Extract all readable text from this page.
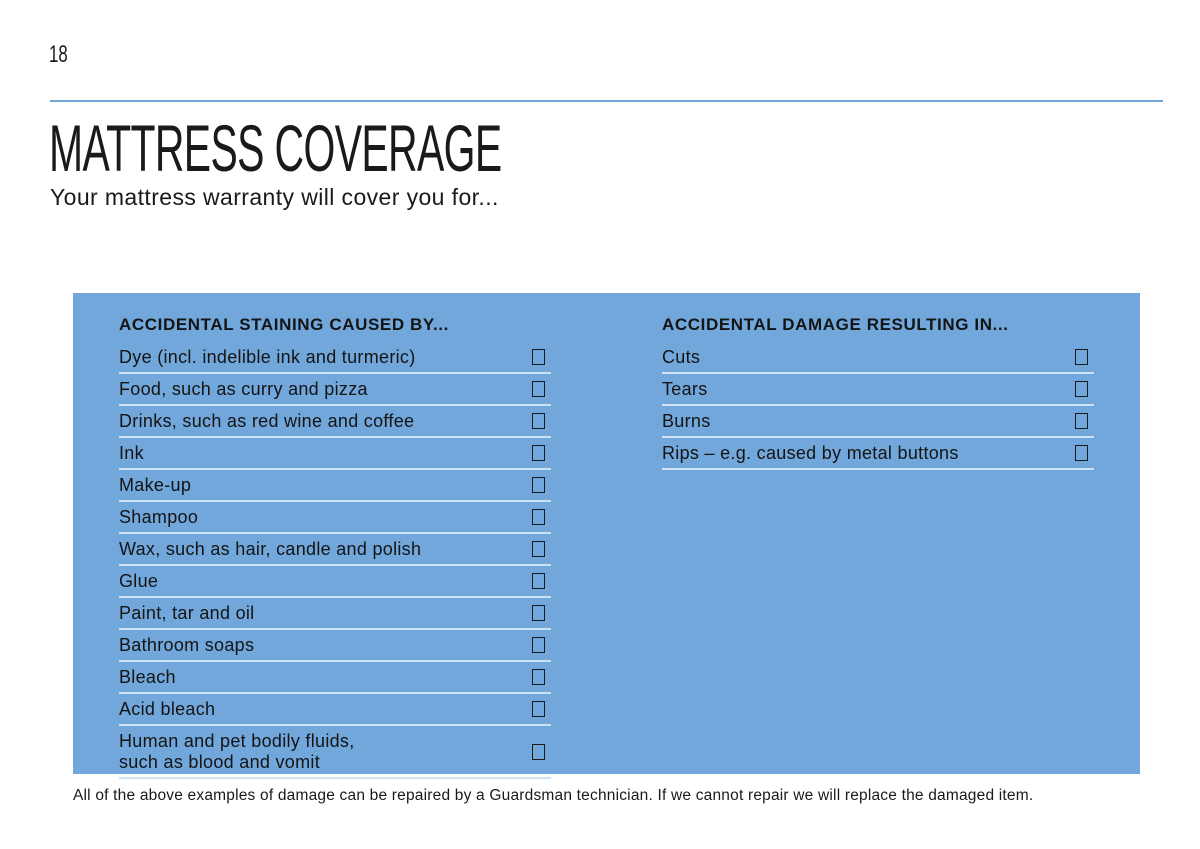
18
MATTRESS COVERAGE
Your mattress warranty will cover you for...
ACCIDENTAL STAINING CAUSED BY...
Dye (incl. indelible ink and turmeric)
Food, such as curry and pizza
Drinks, such as red wine and coffee
Ink
Make-up
Shampoo
Wax, such as hair, candle and polish
Glue
Paint, tar and oil
Bathroom soaps
Bleach
Acid bleach
Human and pet bodily fluids,
such as blood and vomit
ACCIDENTAL DAMAGE RESULTING IN...
Cuts
Tears
Burns
Rips – e.g. caused by metal buttons
All of the above examples of damage can be repaired by a Guardsman technician. If we cannot repair we will replace the damaged item.
